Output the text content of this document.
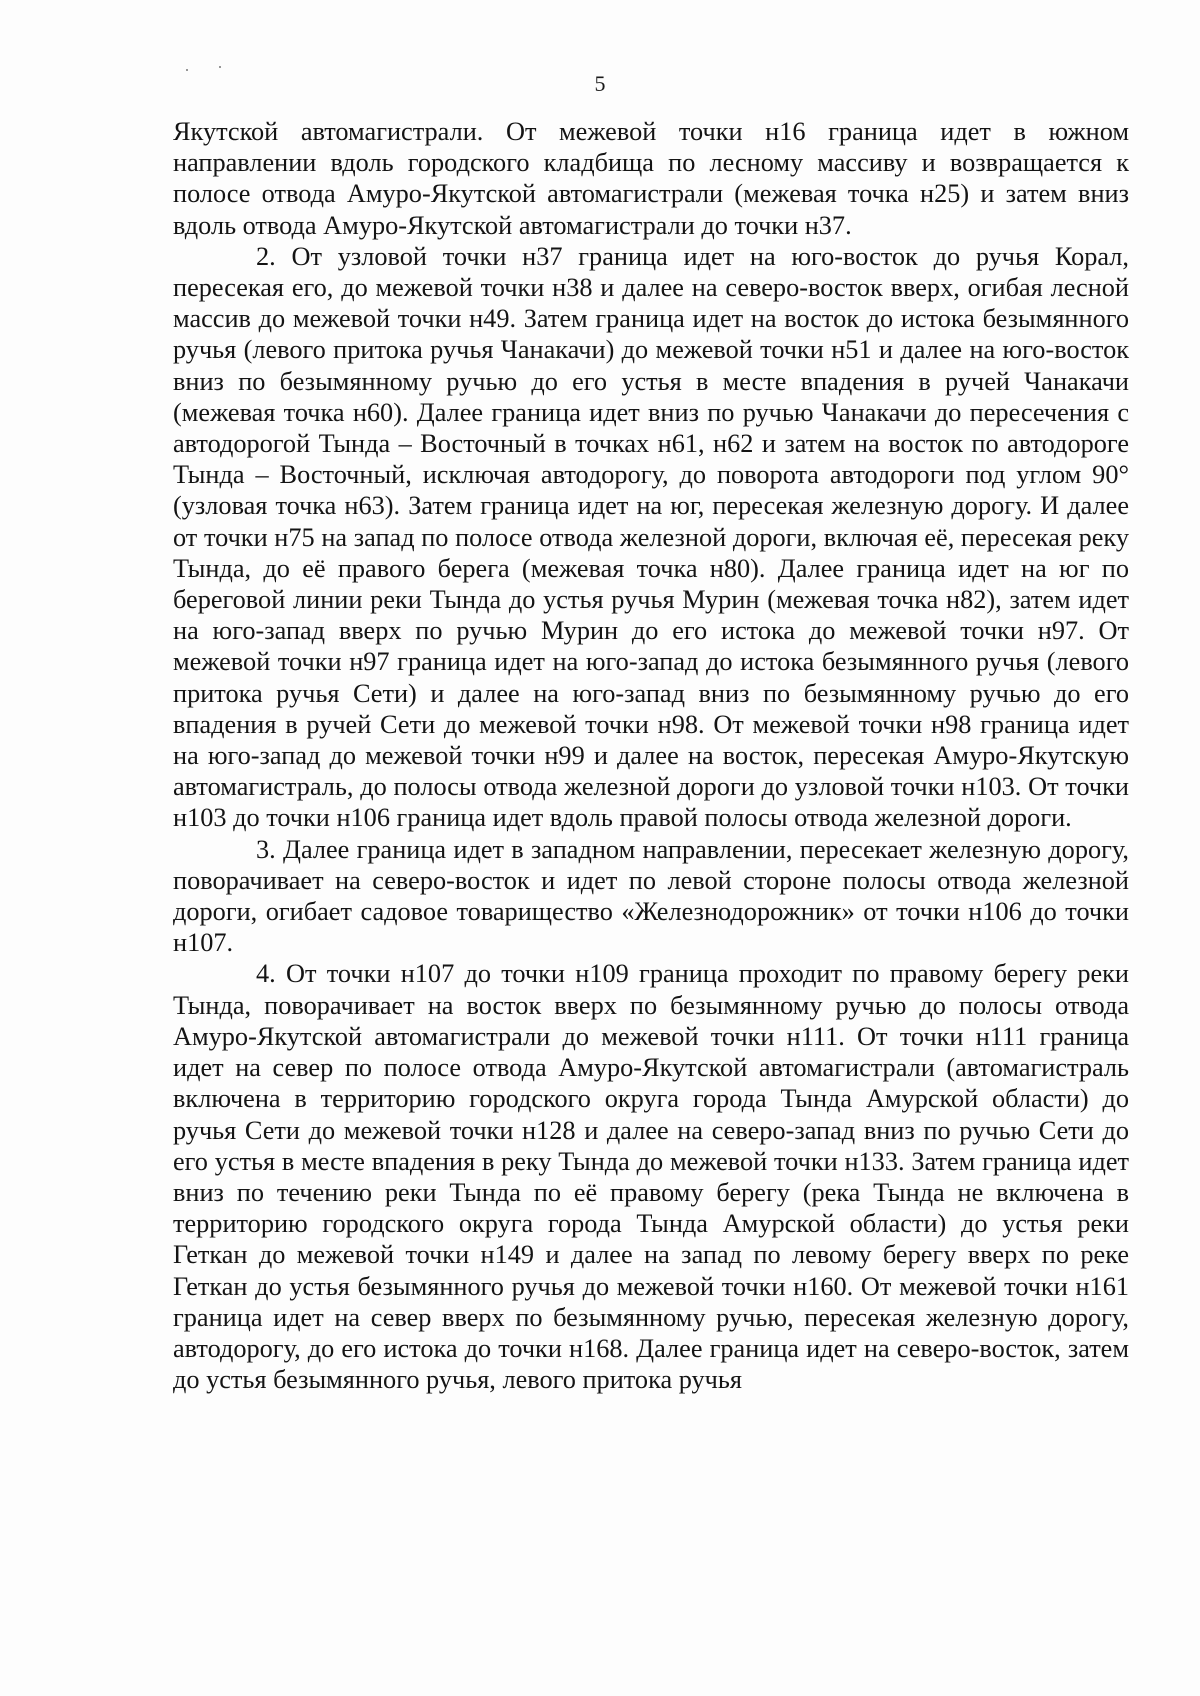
5

Якутской автомагистрали. От межевой точки н16 граница идет в южном направлении вдоль городского кладбища по лесному массиву и возвращается к полосе отвода Амуро-Якутской автомагистрали (межевая точка н25) и затем вниз вдоль отвода Амуро-Якутской автомагистрали до точки н37.

2. От узловой точки н37 граница идет на юго-восток до ручья Корал, пересекая его, до межевой точки н38 и далее на северо-восток вверх, огибая лесной массив до межевой точки н49. Затем граница идет на восток до истока безымянного ручья (левого притока ручья Чанакачи) до межевой точки н51 и далее на юго-восток вниз по безымянному ручью до его устья в месте впадения в ручей Чанакачи (межевая точка н60). Далее граница идет вниз по ручью Чанакачи до пересечения с автодорогой Тында – Восточный в точках н61, н62 и затем на восток по автодороге Тында – Восточный, исключая автодорогу, до поворота автодороги под углом 90° (узловая точка н63). Затем граница идет на юг, пересекая железную дорогу. И далее от точки н75 на запад по полосе отвода железной дороги, включая её, пересекая реку Тында, до её правого берега (межевая точка н80). Далее граница идет на юг по береговой линии реки Тында до устья ручья Мурин (межевая точка н82), затем идет на юго-запад вверх по ручью Мурин до его истока до межевой точки н97. От межевой точки н97 граница идет на юго-запад до истока безымянного ручья (левого притока ручья Сети) и далее на юго-запад вниз по безымянному ручью до его впадения в ручей Сети до межевой точки н98. От межевой точки н98 граница идет на юго-запад до межевой точки н99 и далее на восток, пересекая Амуро-Якутскую автомагистраль, до полосы отвода железной дороги до узловой точки н103. От точки н103 до точки н106 граница идет вдоль правой полосы отвода железной дороги.

3. Далее граница идет в западном направлении, пересекает железную дорогу, поворачивает на северо-восток и идет по левой стороне полосы отвода железной дороги, огибает садовое товарищество «Железнодорожник» от точки н106 до точки н107.

4. От точки н107 до точки н109 граница проходит по правому берегу реки Тында, поворачивает на восток вверх по безымянному ручью до полосы отвода Амуро-Якутской автомагистрали до межевой точки н111. От точки н111 граница идет на север по полосе отвода Амуро-Якутской автомагистрали (автомагистраль включена в территорию городского округа города Тында Амурской области) до ручья Сети до межевой точки н128 и далее на северо-запад вниз по ручью Сети до его устья в месте впадения в реку Тында до межевой точки н133. Затем граница идет вниз по течению реки Тында по её правому берегу (река Тында не включена в территорию городского округа города Тында Амурской области) до устья реки Геткан до межевой точки н149 и далее на запад по левому берегу вверх по реке Геткан до устья безымянного ручья до межевой точки н160. От межевой точки н161 граница идет на север вверх по безымянному ручью, пересекая железную дорогу, автодорогу, до его истока до точки н168. Далее граница идет на северо-восток, затем до устья безымянного ручья, левого притока ручья
